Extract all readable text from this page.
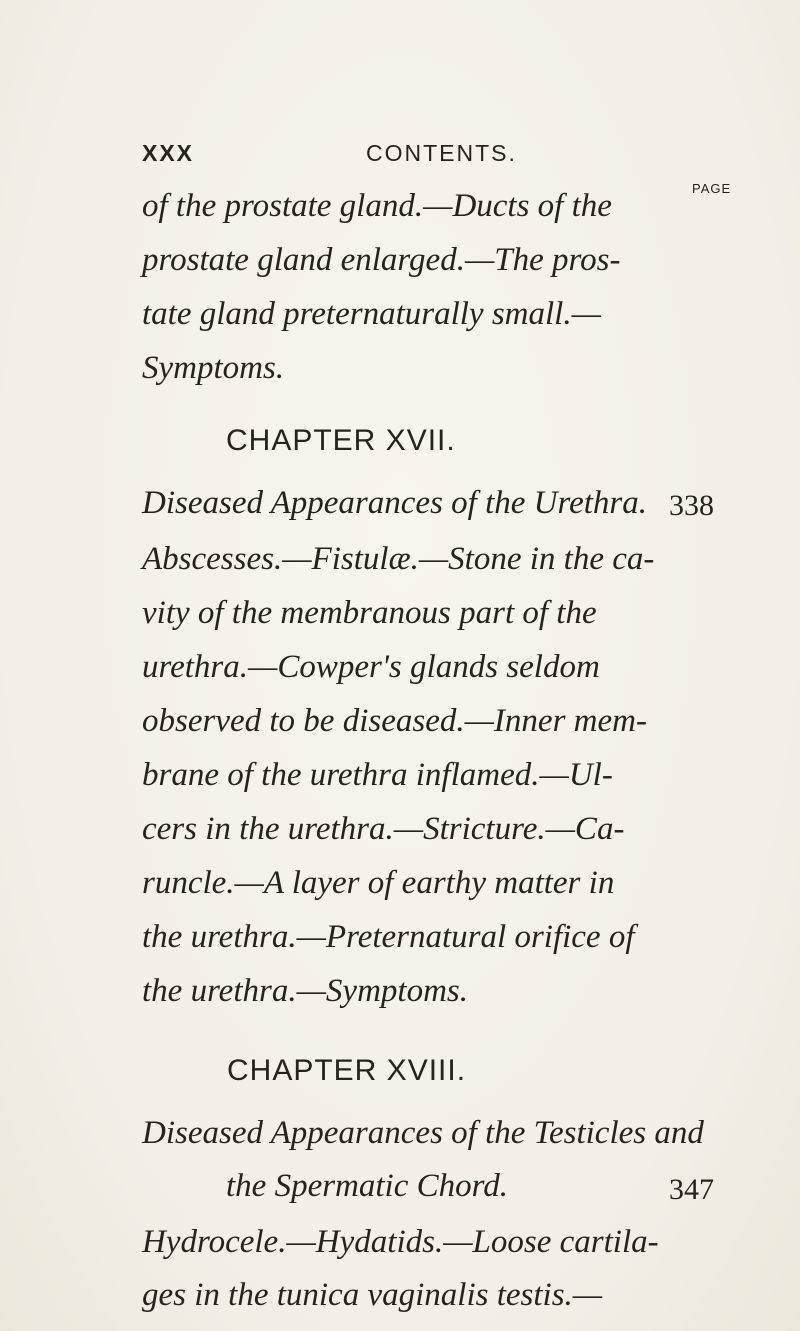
XXX	CONTENTS.
PAGE
of the prostate gland.—Ducts of the
prostate gland enlarged.—The pros-
tate gland preternaturally small.—
Symptoms.
CHAPTER XVII.
Diseased Appearances of the Urethra. 338
Abscesses.—Fistulæ.—Stone in the ca-
vity of the membranous part of the
urethra.—Cowper's glands seldom
observed to be diseased.—Inner mem-
brane of the urethra inflamed.—Ul-
cers in the urethra.—Stricture.—Ca-
runcle.—A layer of earthy matter in
the urethra.—Preternatural orifice of
the urethra.—Symptoms.
CHAPTER XVIII.
Diseased Appearances of the Testicles and
the Spermatic Chord.	347
Hydrocele.—Hydatids.—Loose cartila-
ges in the tunica vaginalis testis.—
